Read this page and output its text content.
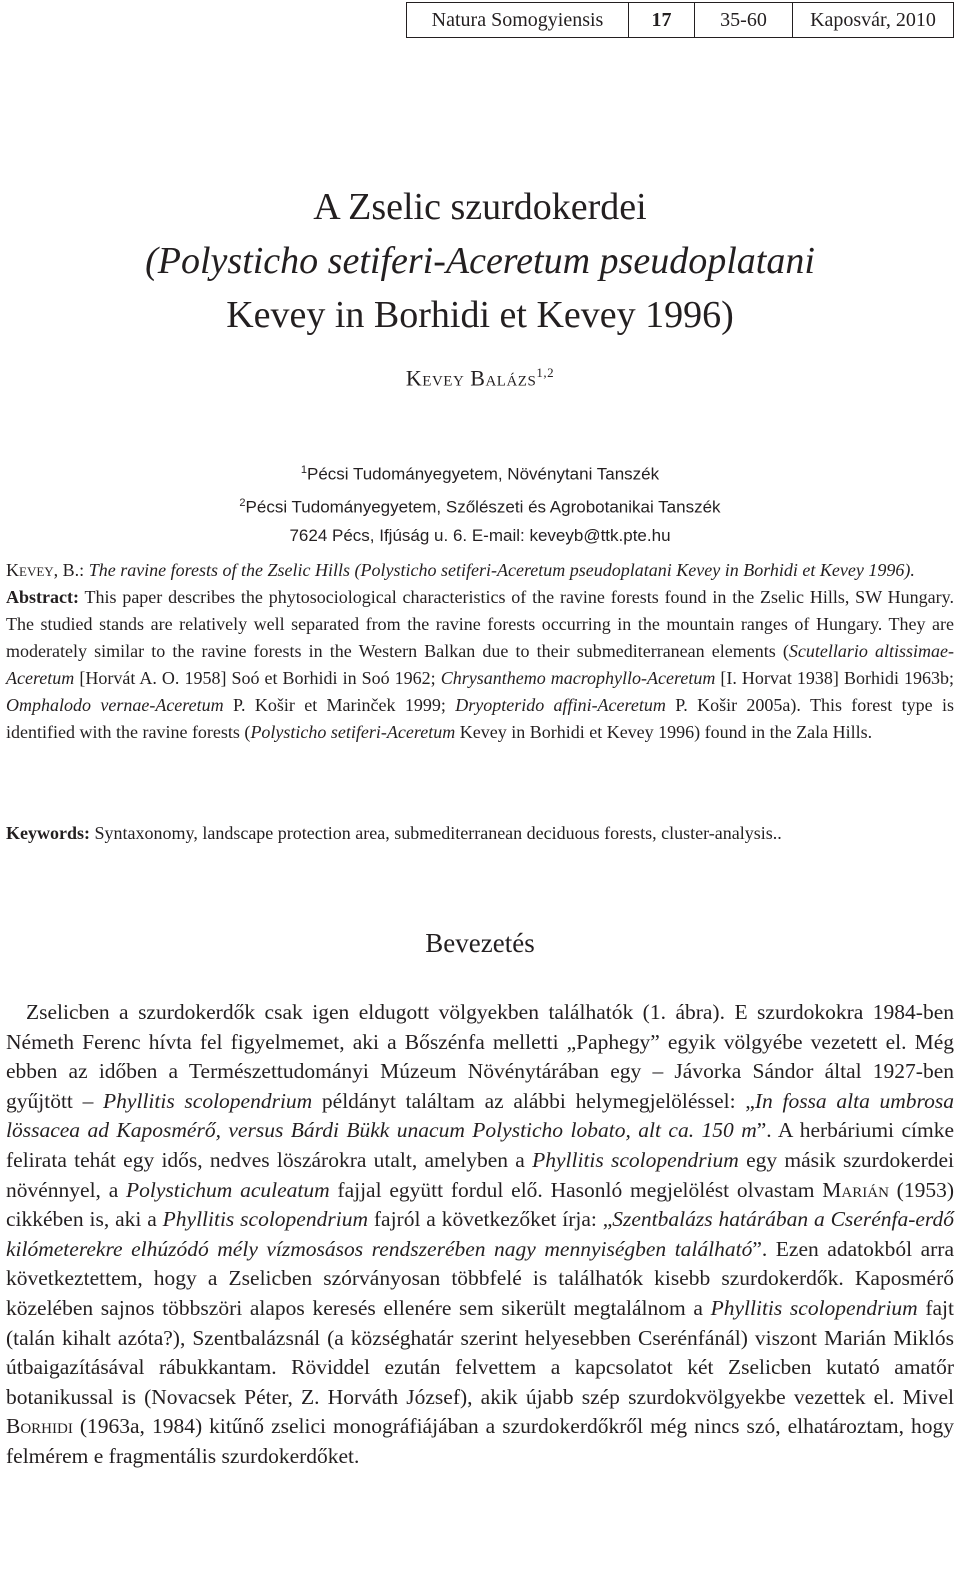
Natura Somogyiensis	17	35-60	Kaposvár, 2010
A Zselic szurdokerdei
(Polysticho setiferi-Aceretum pseudoplatani
Kevey in Borhidi et Kevey 1996)
Kevey Balázs$^{1,2}$
$^1$Pécsi Tudományegyetem, Növénytani Tanszék
$^2$Pécsi Tudományegyetem, Szőlészeti és Agrobotanikai Tanszék
7624 Pécs, Ifjúság u. 6. E-mail: keveyb@ttk.pte.hu

Kevey, B.: The ravine forests of the Zselic Hills (Polysticho setiferi-Aceretum pseudoplatani Kevey in Borhidi et Kevey 1996).

Abstract: This paper describes the phytosociological characteristics of the ravine forests found in the Zselic Hills, SW Hungary. The studied stands are relatively well separated from the ravine forests occurring in the mountain ranges of Hungary. They are moderately similar to the ravine forests in the Western Balkan due to their submediterranean elements (Scutellario altissimae-Aceretum [Horvát A. O. 1958] Soó et Borhidi in Soó 1962; Chrysanthemo macrophyllo-Aceretum [I. Horvat 1938] Borhidi 1963b; Omphalodo vernae-Aceretum P. Košir et Marinček 1999; Dryopterido affini-Aceretum P. Košir 2005a). This forest type is identified with the ravine forests (Polysticho setiferi-Aceretum Kevey in Borhidi et Kevey 1996) found in the Zala Hills.

Keywords: Syntaxonomy, landscape protection area, submediterranean deciduous forests, cluster-analysis..
Bevezetés

Zselicben a szurdokerdők csak igen eldugott völgyekben találhatók (1. ábra). E szurdokokra 1984-ben Németh Ferenc hívta fel figyelmemet, aki a Bőszénfa melletti „Paphegy” egyik völgyébe vezetett el. Még ebben az időben a Természettudományi Múzeum Növénytárában egy – Jávorka Sándor által 1927-ben gyűjtött – Phyllitis scolopendrium példányt találtam az alábbi helymegjelöléssel: „In fossa alta umbrosa lössacea ad Kaposmérő, versus Bárdi Bükk unacum Polysticho lobato, alt ca. 150 m”. A herbáriumi címke felirata tehát egy idős, nedves löszárokra utalt, amelyben a Phyllitis scolopendrium egy másik szurdokerdei növénnyel, a Polystichum aculeatum fajjal együtt fordul elő. Hasonló megjelölést olvastam Marián (1953) cikkében is, aki a Phyllitis scolopendrium fajról a következőket írja: „Szentbalázs határában a Cserénfa-erdő kilómeterekre elhúzódó mély vízmosásos rendszerében nagy mennyiségben található”. Ezen adatokból arra következtettem, hogy a Zselicben szórványosan többfelé is találhatók kisebb szurdokerdők. Kaposmérő közelében sajnos többszöri alapos keresés ellenére sem sikerült megtalálnom a Phyllitis scolopendrium fajt (talán kihalt azóta?), Szentbalázsnál (a községhatár szerint helyesebben Cserénfánál) viszont Marián Miklós útbaigazításával rábukkantam. Röviddel ezután felvettem a kapcsolatot két Zselicben kutató amatőr botanikussal is (Novacsek Péter, Z. Horváth József), akik újabb szép szurdokvölgyekbe vezettek el. Mivel Borhidi (1963a, 1984) kitűnő zselici monográfiájában a szurdokerdőkről még nincs szó, elhatároztam, hogy felmérem e fragmentális szurdokerdőket.
